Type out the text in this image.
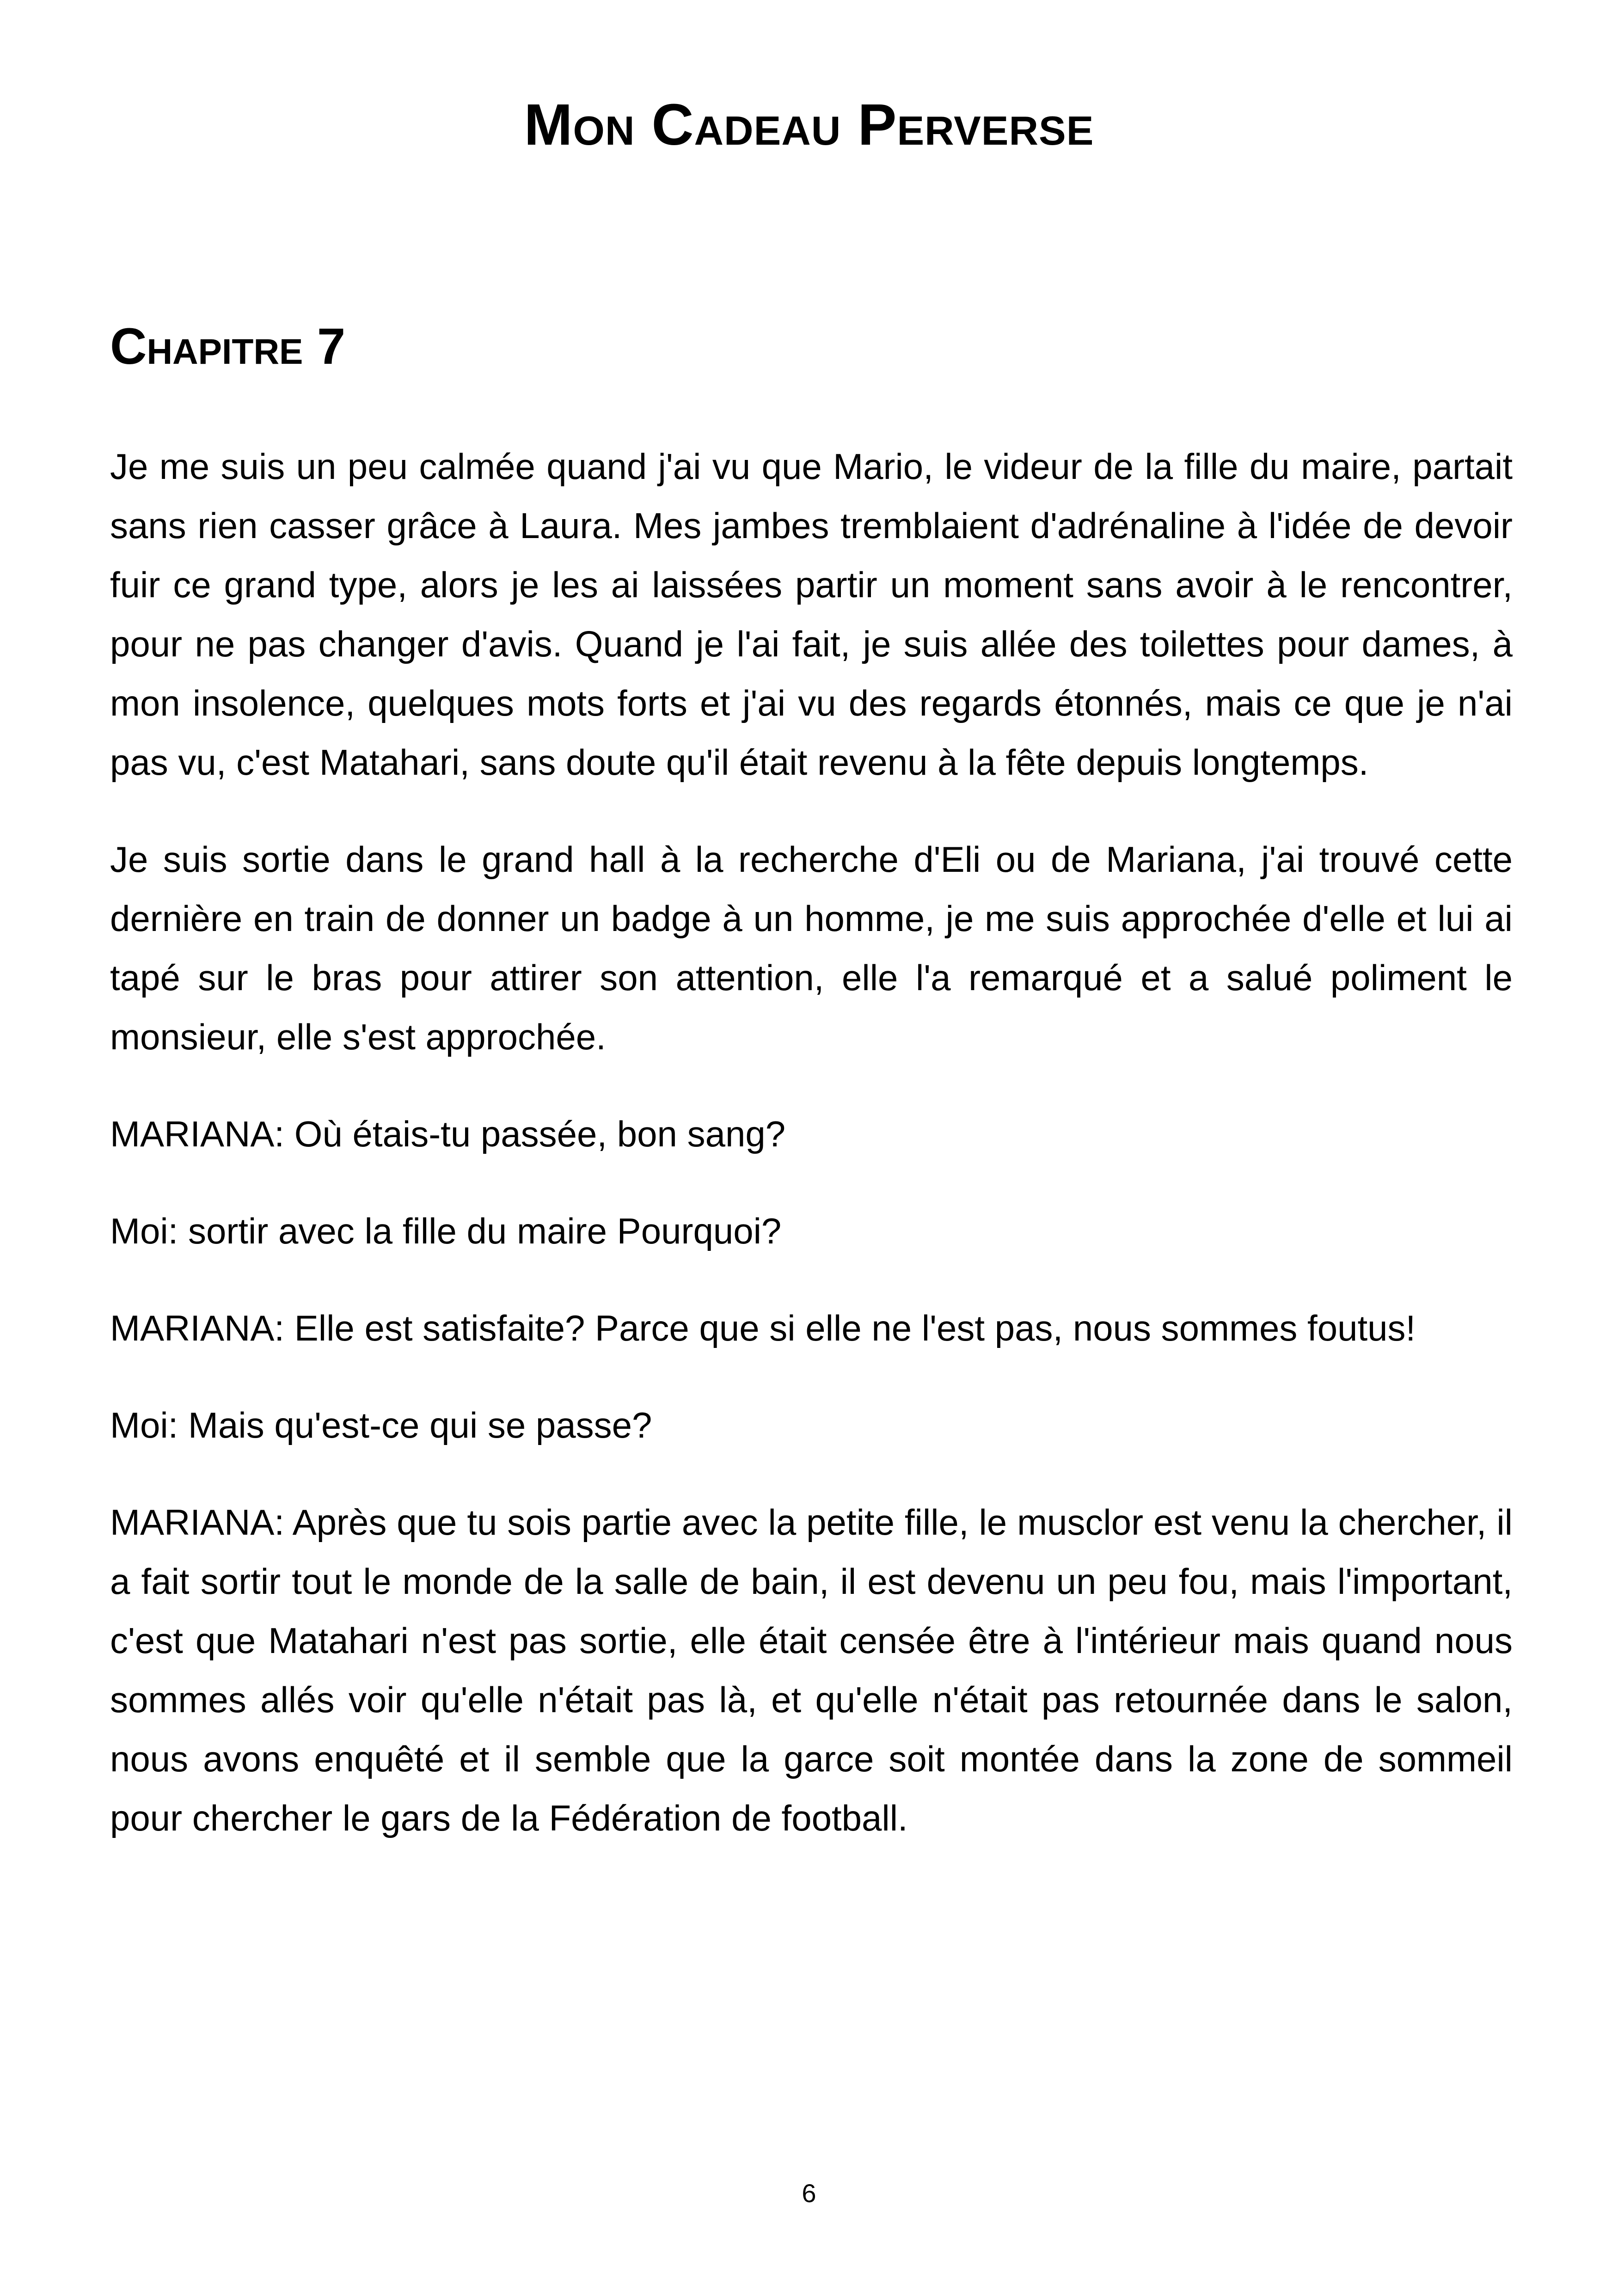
Mon Cadeau Perverse
Chapitre 7

Je me suis un peu calmée quand j'ai vu que Mario, le videur de la fille du maire, partait sans rien casser grâce à Laura. Mes jambes tremblaient d'adrénaline à l'idée de devoir fuir ce grand type, alors je les ai laissées partir un moment sans avoir à le rencontrer, pour ne pas changer d'avis. Quand je l'ai fait, je suis allée des toilettes pour dames, à mon insolence, quelques mots forts et j'ai vu des regards étonnés, mais ce que je n'ai pas vu, c'est Matahari, sans doute qu'il était revenu à la fête depuis longtemps.

Je suis sortie dans le grand hall à la recherche d'Eli ou de Mariana, j'ai trouvé cette dernière en train de donner un badge à un homme, je me suis approchée d'elle et lui ai tapé sur le bras pour attirer son attention, elle l'a remarqué et a salué poliment le monsieur, elle s'est approchée.

MARIANA: Où étais-tu passée, bon sang?

Moi: sortir avec la fille du maire Pourquoi?

MARIANA: Elle est satisfaite? Parce que si elle ne l'est pas, nous sommes foutus!

Moi: Mais qu'est-ce qui se passe?

MARIANA: Après que tu sois partie avec la petite fille, le musclor est venu la chercher, il a fait sortir tout le monde de la salle de bain, il est devenu un peu fou, mais l'important, c'est que Matahari n'est pas sortie, elle était censée être à l'intérieur mais quand nous sommes allés voir qu'elle n'était pas là, et qu'elle n'était pas retournée dans le salon, nous avons enquêté et il semble que la garce soit montée dans la zone de sommeil pour chercher le gars de la Fédération de football.

6
